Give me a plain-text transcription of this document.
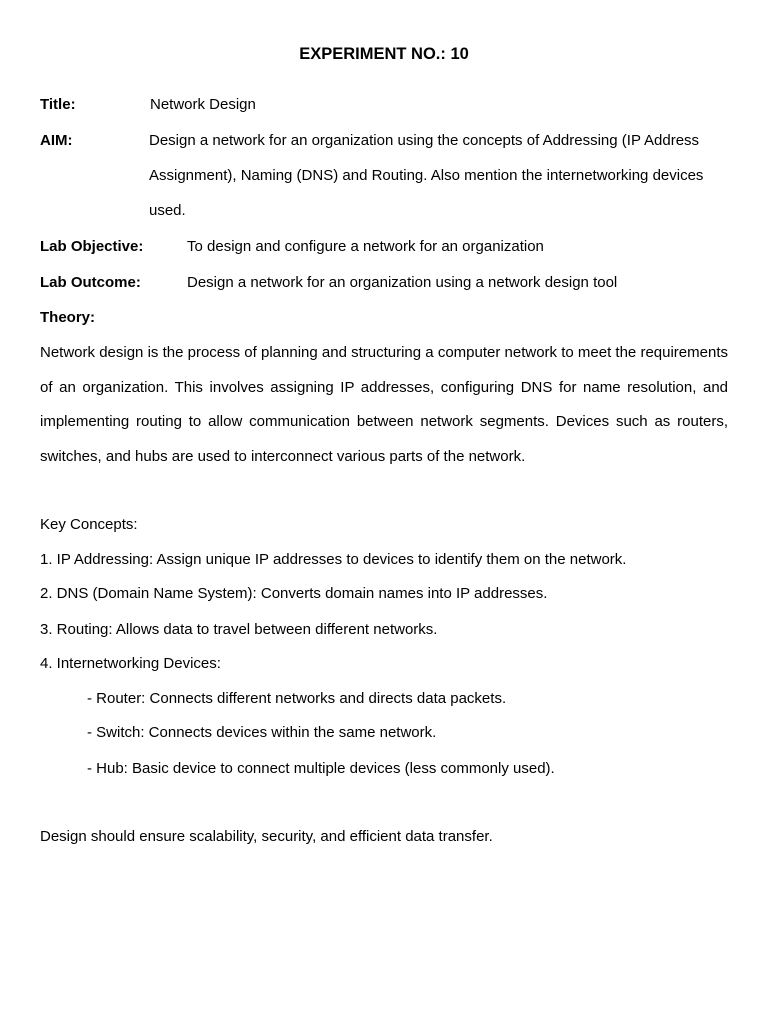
EXPERIMENT NO.: 10
Title:	Network Design
AIM:	Design a network for an organization using the concepts of Addressing (IP Address Assignment), Naming (DNS) and Routing. Also mention the internetworking devices used.
Lab Objective:	To design and configure a network for an organization
Lab Outcome:	Design a network for an organization using a network design tool
Theory:
Network design is the process of planning and structuring a computer network to meet the requirements of an organization. This involves assigning IP addresses, configuring DNS for name resolution, and implementing routing to allow communication between network segments. Devices such as routers, switches, and hubs are used to interconnect various parts of the network.
Key Concepts:
1. IP Addressing: Assign unique IP addresses to devices to identify them on the network.
2. DNS (Domain Name System): Converts domain names into IP addresses.
3. Routing: Allows data to travel between different networks.
4. Internetworking Devices:
- Router: Connects different networks and directs data packets.
- Switch: Connects devices within the same network.
- Hub: Basic device to connect multiple devices (less commonly used).
Design should ensure scalability, security, and efficient data transfer.
